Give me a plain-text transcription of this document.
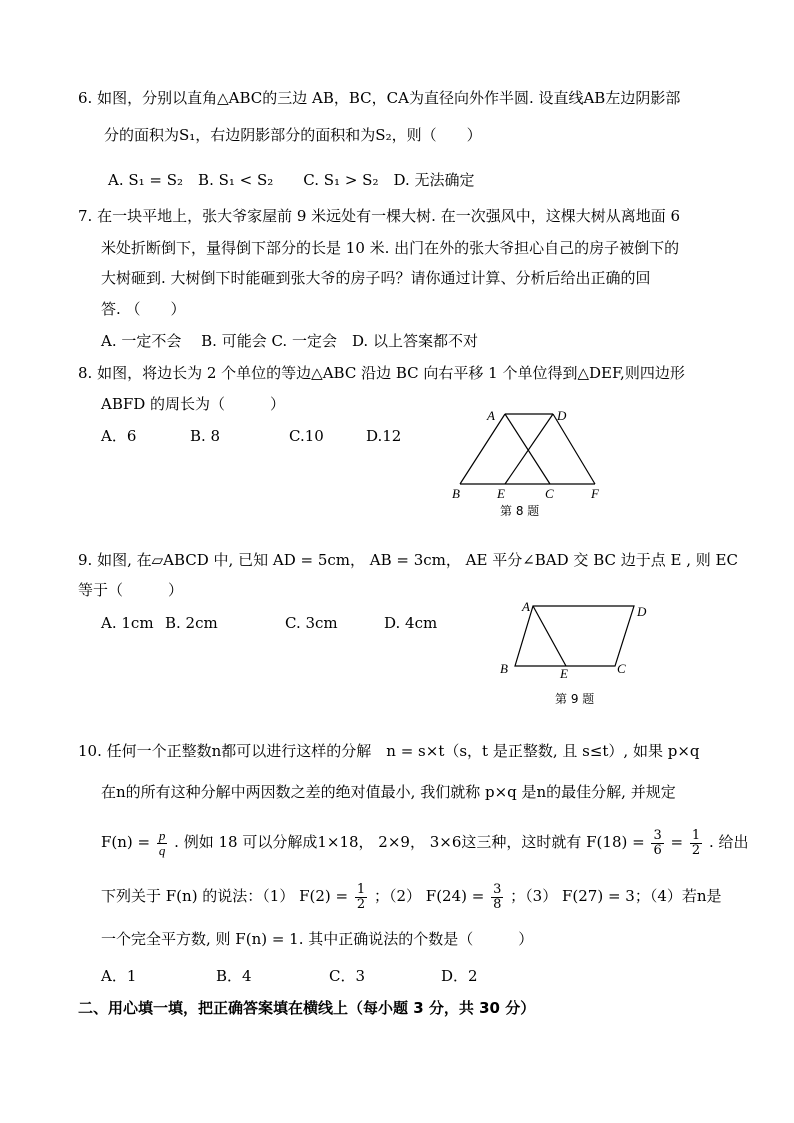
6. 如图，分别以直角△ABC的三边 AB，BC，CA为直径向外作半圆. 设直线AB左边阴影部
分的面积为S₁，右边阴影部分的面积和为S₂，则（　　）
A. S₁ = S₂　B. S₁ < S₂　　C. S₁ > S₂　D. 无法确定
7. 在一块平地上，张大爷家屋前 9 米远处有一棵大树. 在一次强风中，这棵大树从离地面 6
米处折断倒下，量得倒下部分的长是 10 米. 出门在外的张大爷担心自己的房子被倒下的
大树砸到. 大树倒下时能砸到张大爷的房子吗？请你通过计算、分析后给出正确的回
答. （　　）
A. 一定不会　 B. 可能会 C. 一定会　D. 以上答案都不对
8. 如图，将边长为 2 个单位的等边△ABC 沿边 BC 向右平移 1 个单位得到△DEF,则四边形
ABFD 的周长为（　　　）
A．6	B. 8	C.10	D.12
A	D
B	E	C	F
第 8 题
9. 如图, 在▱ABCD 中, 已知 AD = 5cm， AB = 3cm， AE 平分∠BAD 交 BC 边于点 E , 则 EC
等于（　　　）
A. 1cm B. 2cm	C. 3cm	D. 4cm
A	D
B	E	C
第 9 题
10. 任何一个正整数n都可以进行这样的分解　n = s×t（s，t 是正整数, 且 s≤t）, 如果 p×q
在n的所有这种分解中两因数之差的绝对值最小, 我们就称 p×q 是n的最佳分解, 并规定
$F(n) = \frac{p}{q}$ . 例如 18 可以分解成1×18， 2×9， 3×6这三种，这时就有 $F(18) = \frac{3}{6} = \frac{1}{2}$ . 给出
下列关于 F(n) 的说法：（1） $F(2) = \frac{1}{2}$ ；（2） $F(24) = \frac{3}{8}$ ；（3） F(27) = 3；（4）若n是
一个完全平方数, 则 F(n) = 1. 其中正确说法的个数是（　　　）
A．1	B．4	C．3	D．2
二、用心填一填，把正确答案填在横线上（每小题 3 分，共 30 分）
